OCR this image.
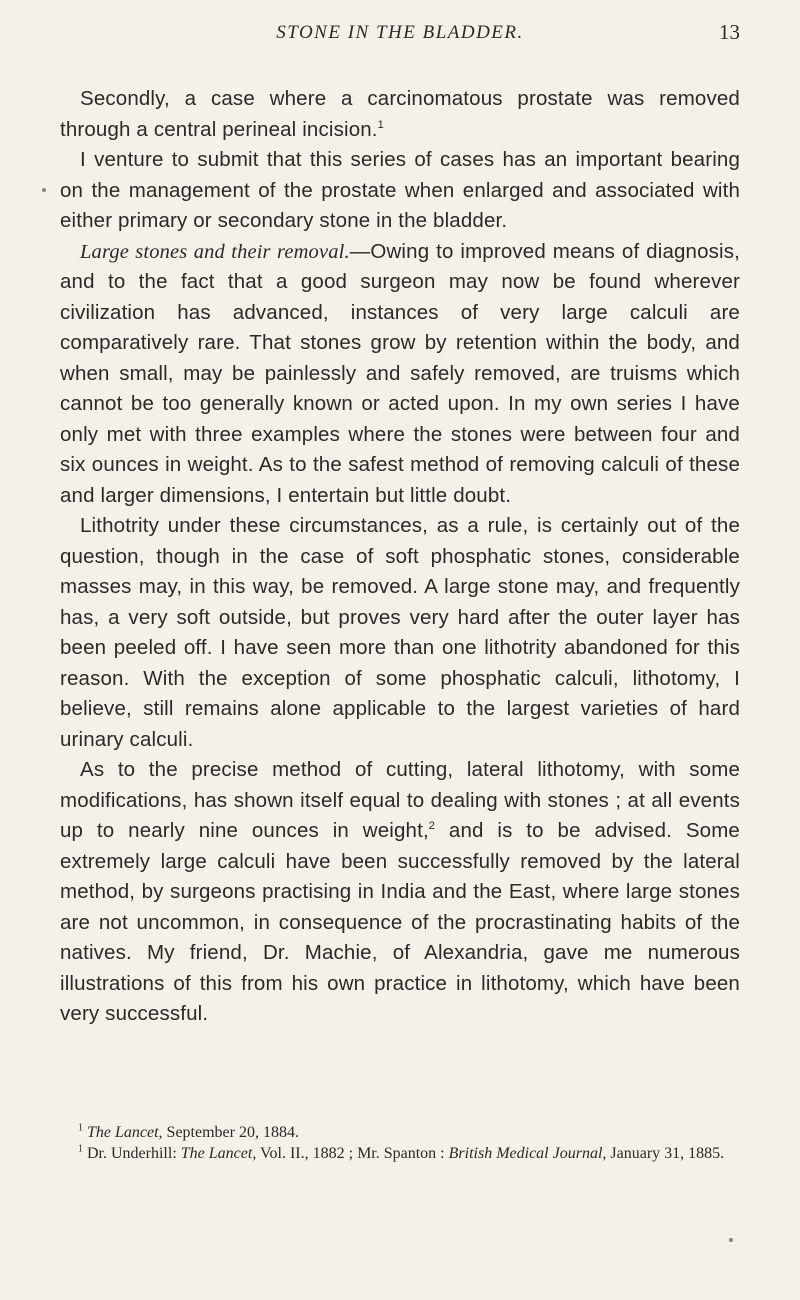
STONE IN THE BLADDER.	13

Secondly, a case where a carcinomatous prostate was removed through a central perineal incision.$^1$

I venture to submit that this series of cases has an important bearing on the management of the prostate when enlarged and associated with either primary or secondary stone in the bladder.

Large stones and their removal.—Owing to improved means of diagnosis, and to the fact that a good surgeon may now be found wherever civilization has advanced, instances of very large calculi are comparatively rare. That stones grow by retention within the body, and when small, may be painlessly and safely removed, are truisms which cannot be too generally known or acted upon. In my own series I have only met with three examples where the stones were between four and six ounces in weight. As to the safest method of removing calculi of these and larger dimensions, I entertain but little doubt.

Lithotrity under these circumstances, as a rule, is certainly out of the question, though in the case of soft phosphatic stones, considerable masses may, in this way, be removed. A large stone may, and frequently has, a very soft outside, but proves very hard after the outer layer has been peeled off. I have seen more than one lithotrity abandoned for this reason. With the exception of some phosphatic calculi, lithotomy, I believe, still remains alone applicable to the largest varieties of hard urinary calculi.

As to the precise method of cutting, lateral lithotomy, with some modifications, has shown itself equal to dealing with stones ; at all events up to nearly nine ounces in weight,$^2$ and is to be advised. Some extremely large calculi have been successfully removed by the lateral method, by surgeons practising in India and the East, where large stones are not uncommon, in consequence of the procrastinating habits of the natives. My friend, Dr. Machie, of Alexandria, gave me numerous illustrations of this from his own practice in lithotomy, which have been very successful.

$^1$ The Lancet, September 20, 1884.

$^1$ Dr. Underhill: The Lancet, Vol. II., 1882 ; Mr. Spanton : British Medical Journal, January 31, 1885.
